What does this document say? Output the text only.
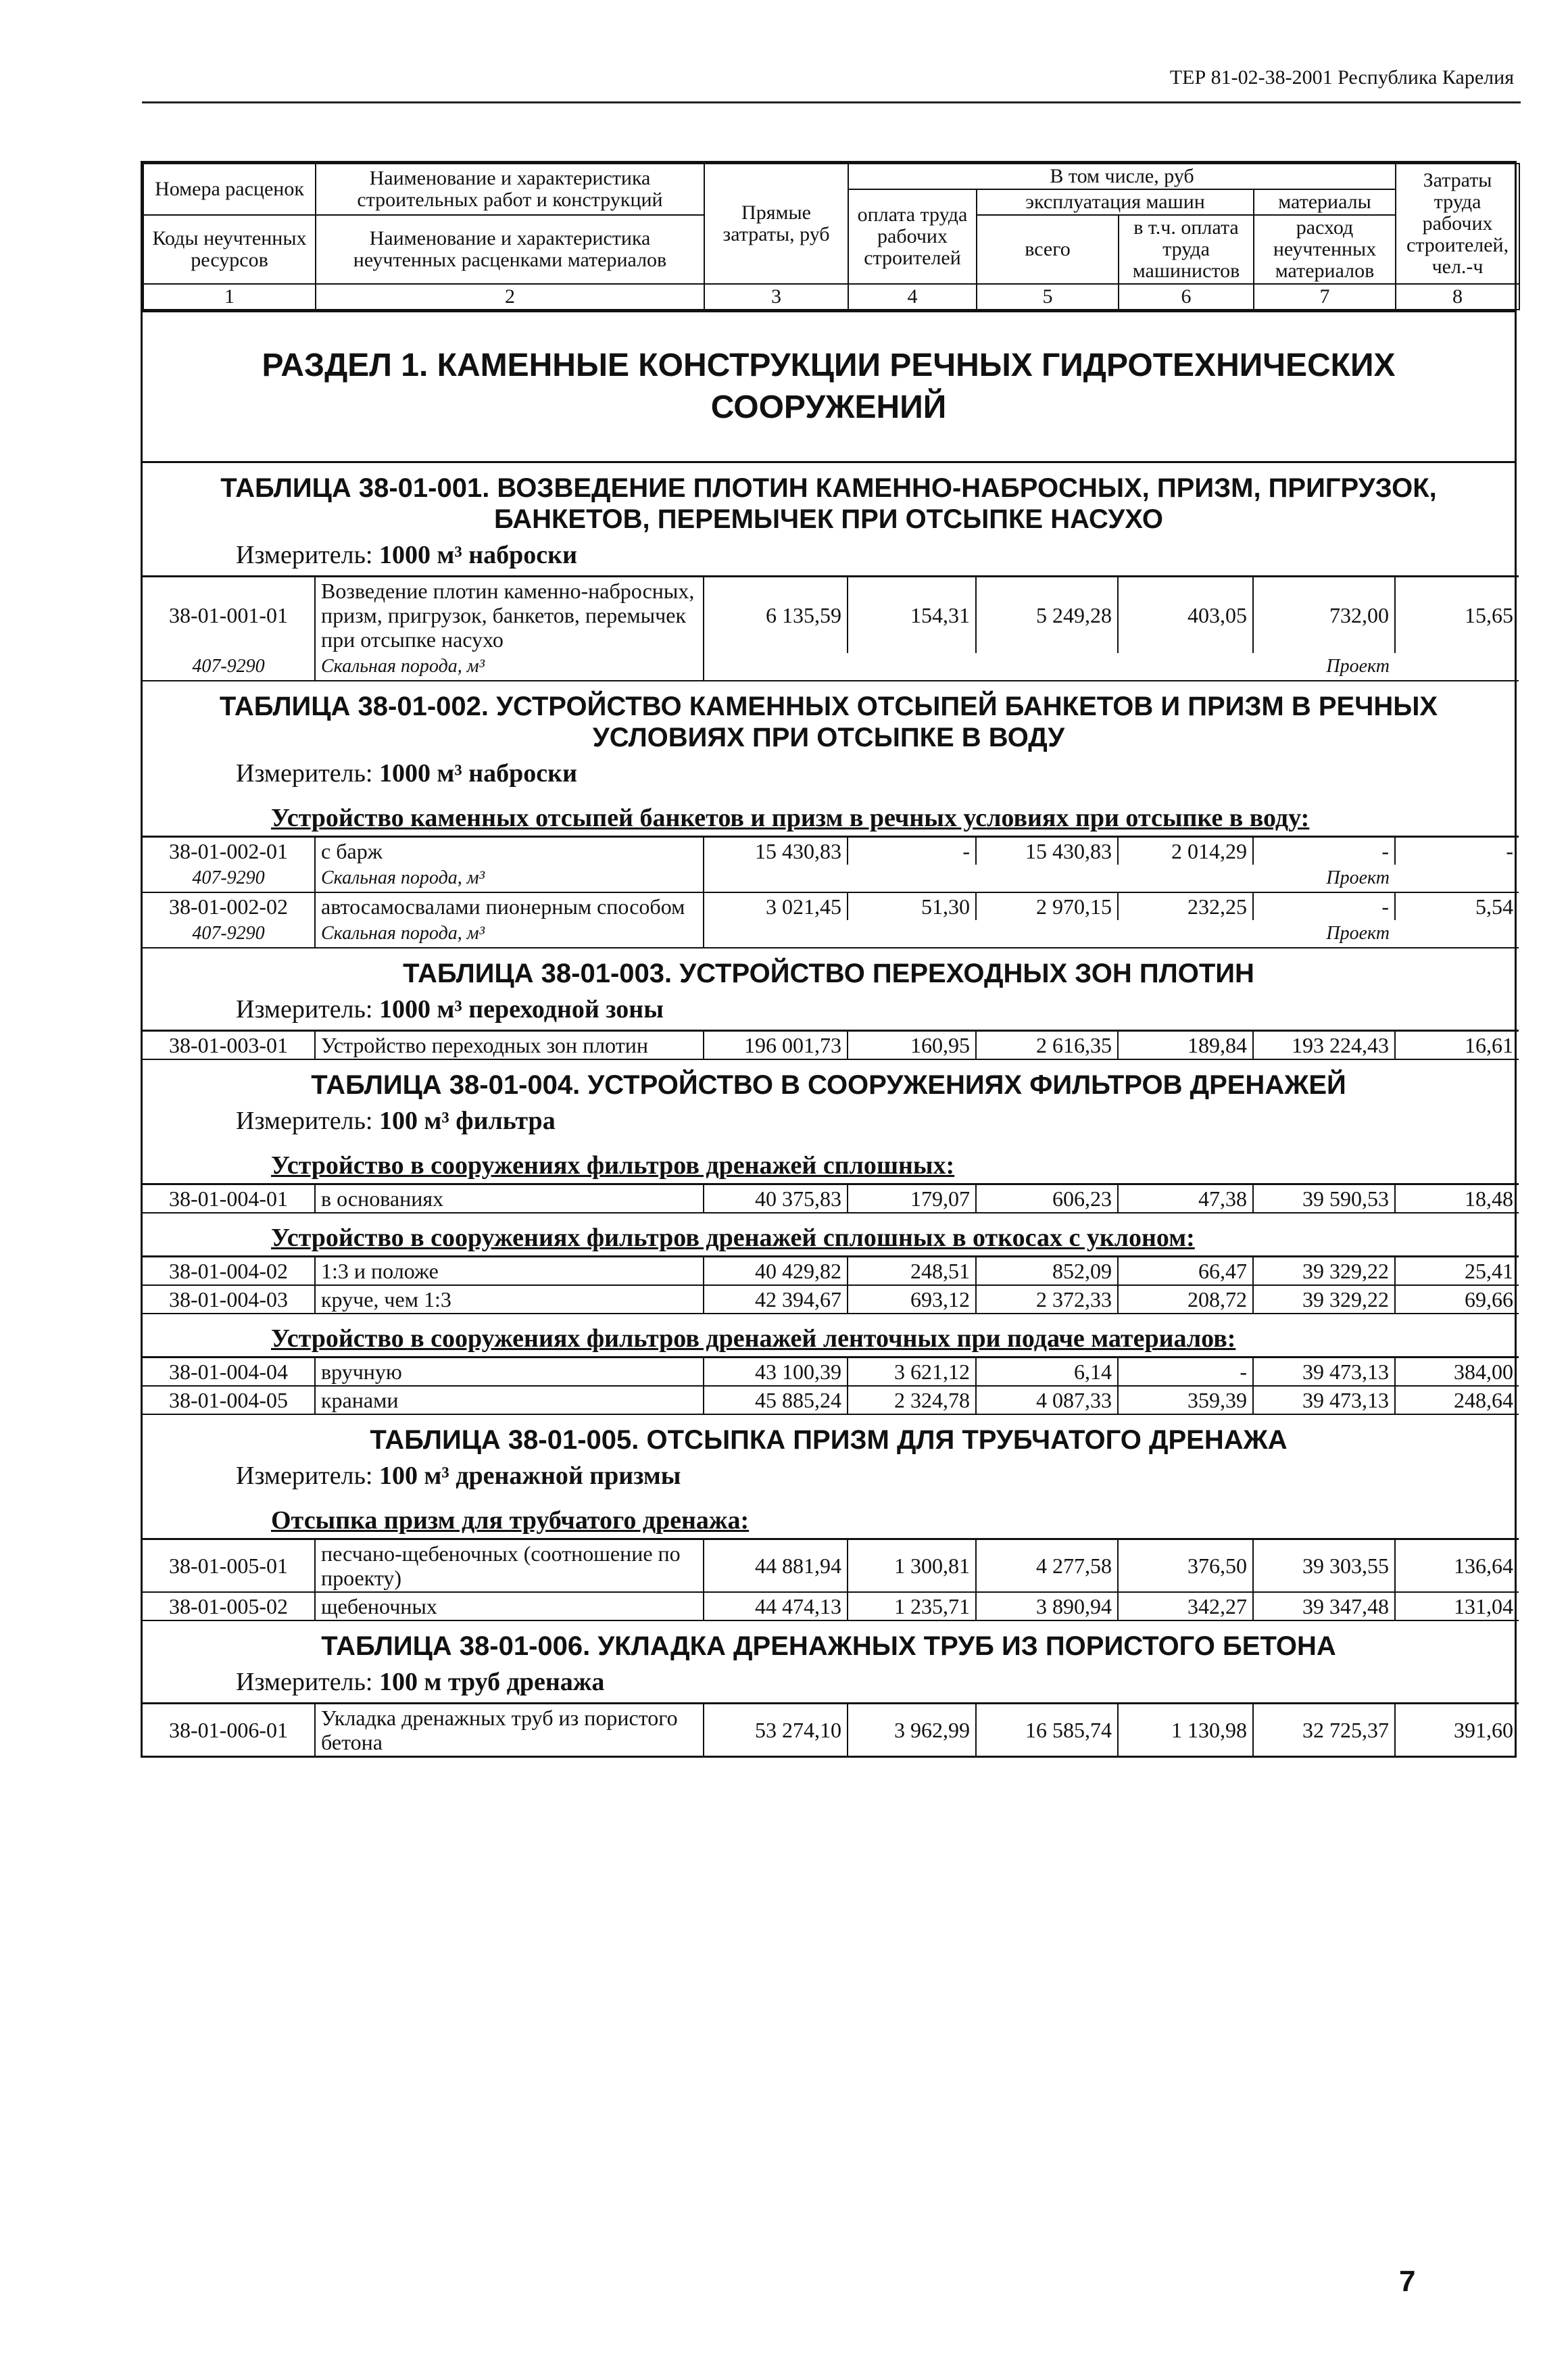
ТЕР 81-02-38-2001 Республика Карелия
Номера расценок	Наименование и характеристика строительных работ и конструкций	Прямые затраты, руб	В том числе, руб				Затраты труда рабочих строителей, чел.-ч
			оплата труда рабочих строителей	эксплуатация машин		материалы	
Коды неучтенных ресурсов	Наименование и характеристика неучтенных расценками материалов			всего	в т.ч. оплата труда машинистов	расход неучтенных материалов	

1	2	3	4	5	6	7	8
РАЗДЕЛ 1. КАМЕННЫЕ КОНСТРУКЦИИ РЕЧНЫХ ГИДРОТЕХНИЧЕСКИХ СООРУЖЕНИЙ
ТАБЛИЦА 38-01-001. ВОЗВЕДЕНИЕ ПЛОТИН КАМЕННО-НАБРОСНЫХ, ПРИЗМ, ПРИГРУЗОК, БАНКЕТОВ, ПЕРЕМЫЧЕК ПРИ ОТСЫПКЕ НАСУХО
Измеритель: 1000 м³ наброски
38-01-001-01	Возведение плотин каменно-набросных, призм, пригрузок, банкетов, перемычек при отсыпке насухо	6 135,59	154,31	5 249,28	403,05	732,00	15,65
407-9290	Скальная порода, м³					Проект	
ТАБЛИЦА 38-01-002. УСТРОЙСТВО КАМЕННЫХ ОТСЫПЕЙ БАНКЕТОВ И ПРИЗМ В РЕЧНЫХ УСЛОВИЯХ ПРИ ОТСЫПКЕ В ВОДУ
Измеритель: 1000 м³ наброски
Устройство каменных отсыпей банкетов и призм в речных условиях при отсыпке в воду:
38-01-002-01	с барж	15 430,83	-	15 430,83	2 014,29	-	-
407-9290	Скальная порода, м³					Проект	
38-01-002-02	автосамосвалами пионерным способом	3 021,45	51,30	2 970,15	232,25	-	5,54
407-9290	Скальная порода, м³					Проект	
ТАБЛИЦА 38-01-003. УСТРОЙСТВО ПЕРЕХОДНЫХ ЗОН ПЛОТИН
Измеритель: 1000 м³ переходной зоны
38-01-003-01	Устройство переходных зон плотин	196 001,73	160,95	2 616,35	189,84	193 224,43	16,61
ТАБЛИЦА 38-01-004. УСТРОЙСТВО В СООРУЖЕНИЯХ ФИЛЬТРОВ ДРЕНАЖЕЙ
Измеритель: 100 м³ фильтра
Устройство в сооружениях фильтров дренажей сплошных:
38-01-004-01	в основаниях	40 375,83	179,07	606,23	47,38	39 590,53	18,48
Устройство в сооружениях фильтров дренажей сплошных в откосах с уклоном:
38-01-004-02	1:3 и положе	40 429,82	248,51	852,09	66,47	39 329,22	25,41
38-01-004-03	круче, чем 1:3	42 394,67	693,12	2 372,33	208,72	39 329,22	69,66
Устройство в сооружениях фильтров дренажей ленточных при подаче материалов:
38-01-004-04	вручную	43 100,39	3 621,12	6,14	-	39 473,13	384,00
38-01-004-05	кранами	45 885,24	2 324,78	4 087,33	359,39	39 473,13	248,64
ТАБЛИЦА 38-01-005. ОТСЫПКА ПРИЗМ ДЛЯ ТРУБЧАТОГО ДРЕНАЖА
Измеритель: 100 м³ дренажной призмы
Отсыпка призм для трубчатого дренажа:
38-01-005-01	песчано-щебеночных (соотношение по проекту)	44 881,94	1 300,81	4 277,58	376,50	39 303,55	136,64
38-01-005-02	щебеночных	44 474,13	1 235,71	3 890,94	342,27	39 347,48	131,04
ТАБЛИЦА 38-01-006. УКЛАДКА ДРЕНАЖНЫХ ТРУБ ИЗ ПОРИСТОГО БЕТОНА
Измеритель: 100 м труб дренажа
38-01-006-01	Укладка дренажных труб из пористого бетона	53 274,10	3 962,99	16 585,74	1 130,98	32 725,37	391,60
7
